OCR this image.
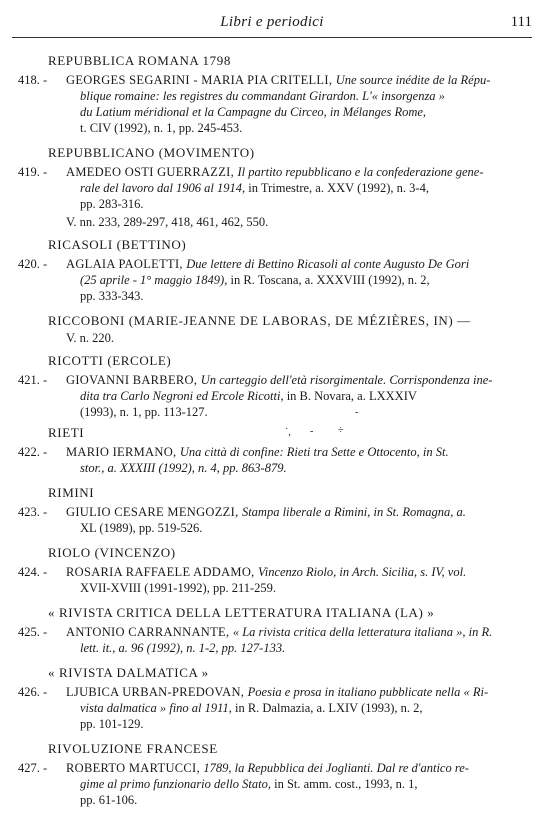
Libri e periodici	111
REPUBBLICA ROMANA 1798
418. - GEORGES SEGARINI - MARIA PIA CRITELLI, Une source inédite de la Répu-
blique romaine: les registres du commandant Girardon. L'« insorgenza »
du Latium méridional et la Campagne du Circeo, in Mélanges Rome,
t. CIV (1992), n. 1, pp. 245-453.
REPUBBLICANO (MOVIMENTO)
419. - AMEDEO OSTI GUERRAZZI, Il partito repubblicano e la confederazione gene-
rale del lavoro dal 1906 al 1914, in Trimestre, a. XXV (1992), n. 3-4,
pp. 283-316.
V. nn. 233, 289-297, 418, 461, 462, 550.
RICASOLI (BETTINO)
420. - AGLAIA PAOLETTI, Due lettere di Bettino Ricasoli al conte Augusto De Gori
(25 aprile - 1° maggio 1849), in R. Toscana, a. XXXVIII (1992), n. 2,
pp. 333-343.
RICCOBONI (MARIE-JEANNE DE LABORAS, DE MÉZIÈRES, IN) —
V. n. 220.
RICOTTI (ERCOLE)
421. - GIOVANNI BARBERO, Un carteggio dell'età risorgimentale. Corrispondenza ine-
dita tra Carlo Negroni ed Ercole Ricotti, in B. Novara, a. LXXXIV
(1993), n. 1, pp. 113-127.	-
RIETI	˙, - ÷
422. - MARIO IERMANO, Una città di confine: Rieti tra Sette e Ottocento, in St.
stor., a. XXXIII (1992), n. 4, pp. 863-879.
RIMINI
423. - GIULIO CESARE MENGOZZI, Stampa liberale a Rimini, in St. Romagna, a.
XL (1989), pp. 519-526.
RIOLO (VINCENZO)
424. - ROSARIA RAFFAELE ADDAMO, Vincenzo Riolo, in Arch. Sicilia, s. IV, vol.
XVII-XVIII (1991-1992), pp. 211-259.
« RIVISTA CRITICA DELLA LETTERATURA ITALIANA (LA) »
425. - ANTONIO CARRANNANTE, « La rivista critica della letteratura italiana », in R.
lett. it., a. 96 (1992), n. 1-2, pp. 127-133.
« RIVISTA DALMATICA »
426. - LJUBICA URBAN-PREDOVAN, Poesia e prosa in italiano pubblicate nella « Ri-
vista dalmatica » fino al 1911, in R. Dalmazia, a. LXIV (1993), n. 2,
pp. 101-129.
RIVOLUZIONE FRANCESE
427. - ROBERTO MARTUCCI, 1789, la Repubblica dei Joglianti. Dal re d'antico re-
gime al primo funzionario dello Stato, in St. amm. cost., 1993, n. 1,
pp. 61-106.
